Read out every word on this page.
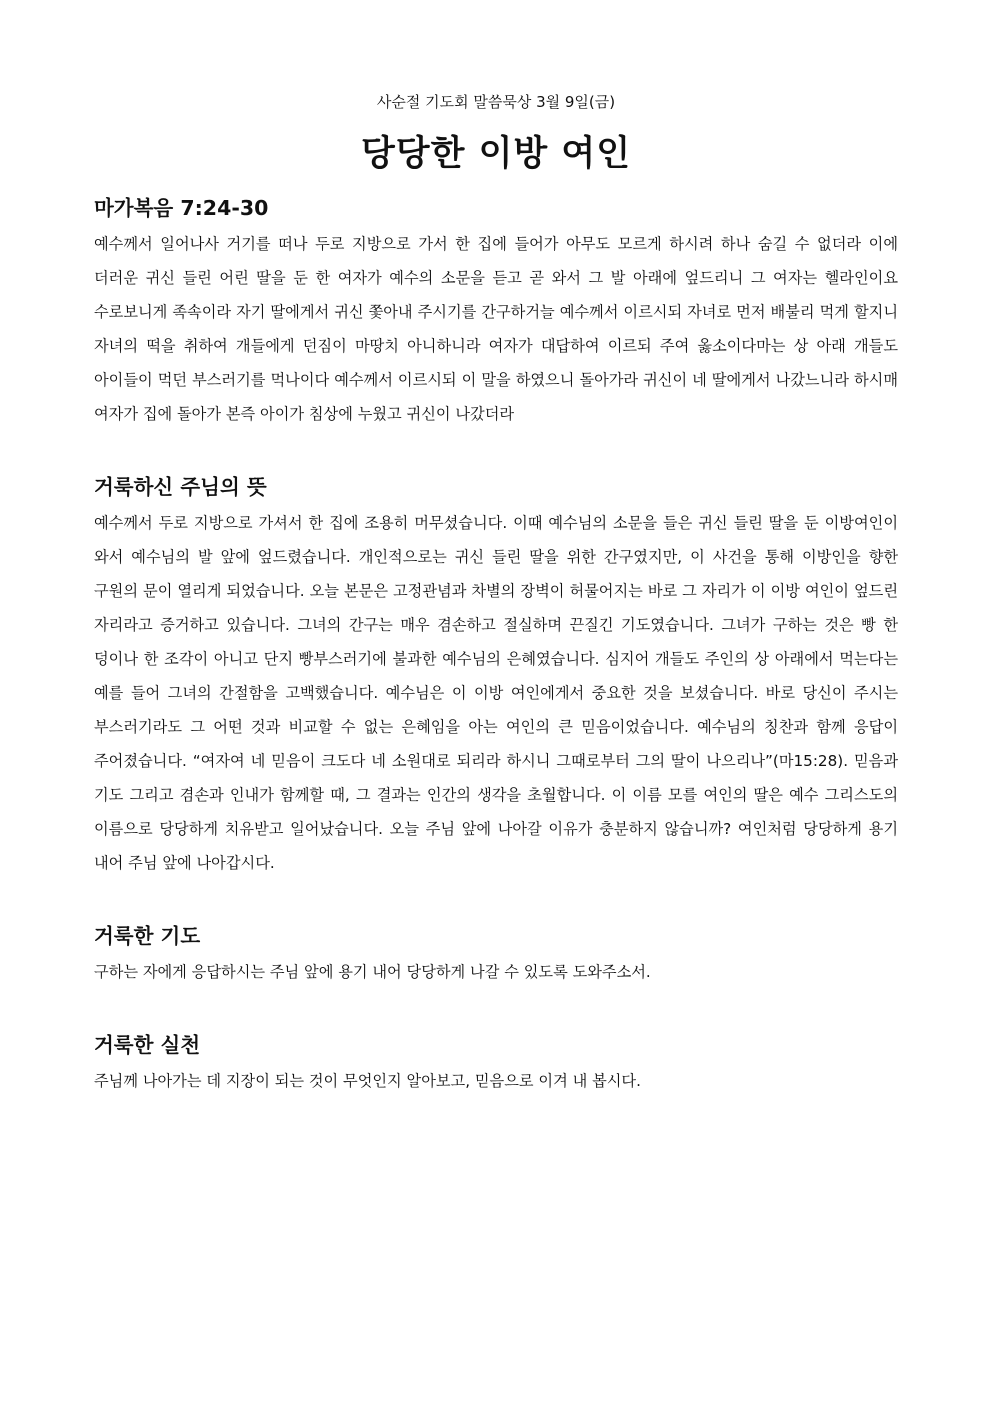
사순절 기도회 말씀묵상 3월 9일(금)

당당한 이방 여인
마가복음 7:24-30

예수께서 일어나사 거기를 떠나 두로 지방으로 가서 한 집에 들어가 아무도 모르게 하시려 하나 숨길 수 없더라 이에 더러운 귀신 들린 어린 딸을 둔 한 여자가 예수의 소문을 듣고 곧 와서 그 발 아래에 엎드리니 그 여자는 헬라인이요 수로보니게 족속이라 자기 딸에게서 귀신 쫓아내 주시기를 간구하거늘 예수께서 이르시되 자녀로 먼저 배불리 먹게 할지니 자녀의 떡을 취하여 개들에게 던짐이 마땅치 아니하니라 여자가 대답하여 이르되 주여 옳소이다마는 상 아래 개들도 아이들이 먹던 부스러기를 먹나이다 예수께서 이르시되 이 말을 하였으니 돌아가라 귀신이 네 딸에게서 나갔느니라 하시매 여자가 집에 돌아가 본즉 아이가 침상에 누웠고 귀신이 나갔더라

거룩하신 주님의 뜻

예수께서 두로 지방으로 가셔서 한 집에 조용히 머무셨습니다. 이때 예수님의 소문을 들은 귀신 들린 딸을 둔 이방여인이 와서 예수님의 발 앞에 엎드렸습니다. 개인적으로는 귀신 들린 딸을 위한 간구였지만, 이 사건을 통해 이방인을 향한 구원의 문이 열리게 되었습니다. 오늘 본문은 고정관념과 차별의 장벽이 허물어지는 바로 그 자리가 이 이방 여인이 엎드린 자리라고 증거하고 있습니다. 그녀의 간구는 매우 겸손하고 절실하며 끈질긴 기도였습니다. 그녀가 구하는 것은 빵 한 덩이나 한 조각이 아니고 단지 빵부스러기에 불과한 예수님의 은혜였습니다. 심지어 개들도 주인의 상 아래에서 먹는다는 예를 들어 그녀의 간절함을 고백했습니다. 예수님은 이 이방 여인에게서 중요한 것을 보셨습니다. 바로 당신이 주시는 부스러기라도 그 어떤 것과 비교할 수 없는 은혜임을 아는 여인의 큰 믿음이었습니다. 예수님의 칭찬과 함께 응답이 주어졌습니다. “여자여 네 믿음이 크도다 네 소원대로 되리라 하시니 그때로부터 그의 딸이 나으리나”(마15:28). 믿음과 기도 그리고 겸손과 인내가 함께할 때, 그 결과는 인간의 생각을 초월합니다. 이 이름 모를 여인의 딸은 예수 그리스도의 이름으로 당당하게 치유받고 일어났습니다. 오늘 주님 앞에 나아갈 이유가 충분하지 않습니까? 여인처럼 당당하게 용기 내어 주님 앞에 나아갑시다.

거룩한 기도

구하는 자에게 응답하시는 주님 앞에 용기 내어 당당하게 나갈 수 있도록 도와주소서.

거룩한 실천

주님께 나아가는 데 지장이 되는 것이 무엇인지 알아보고, 믿음으로 이겨 내 봅시다.
